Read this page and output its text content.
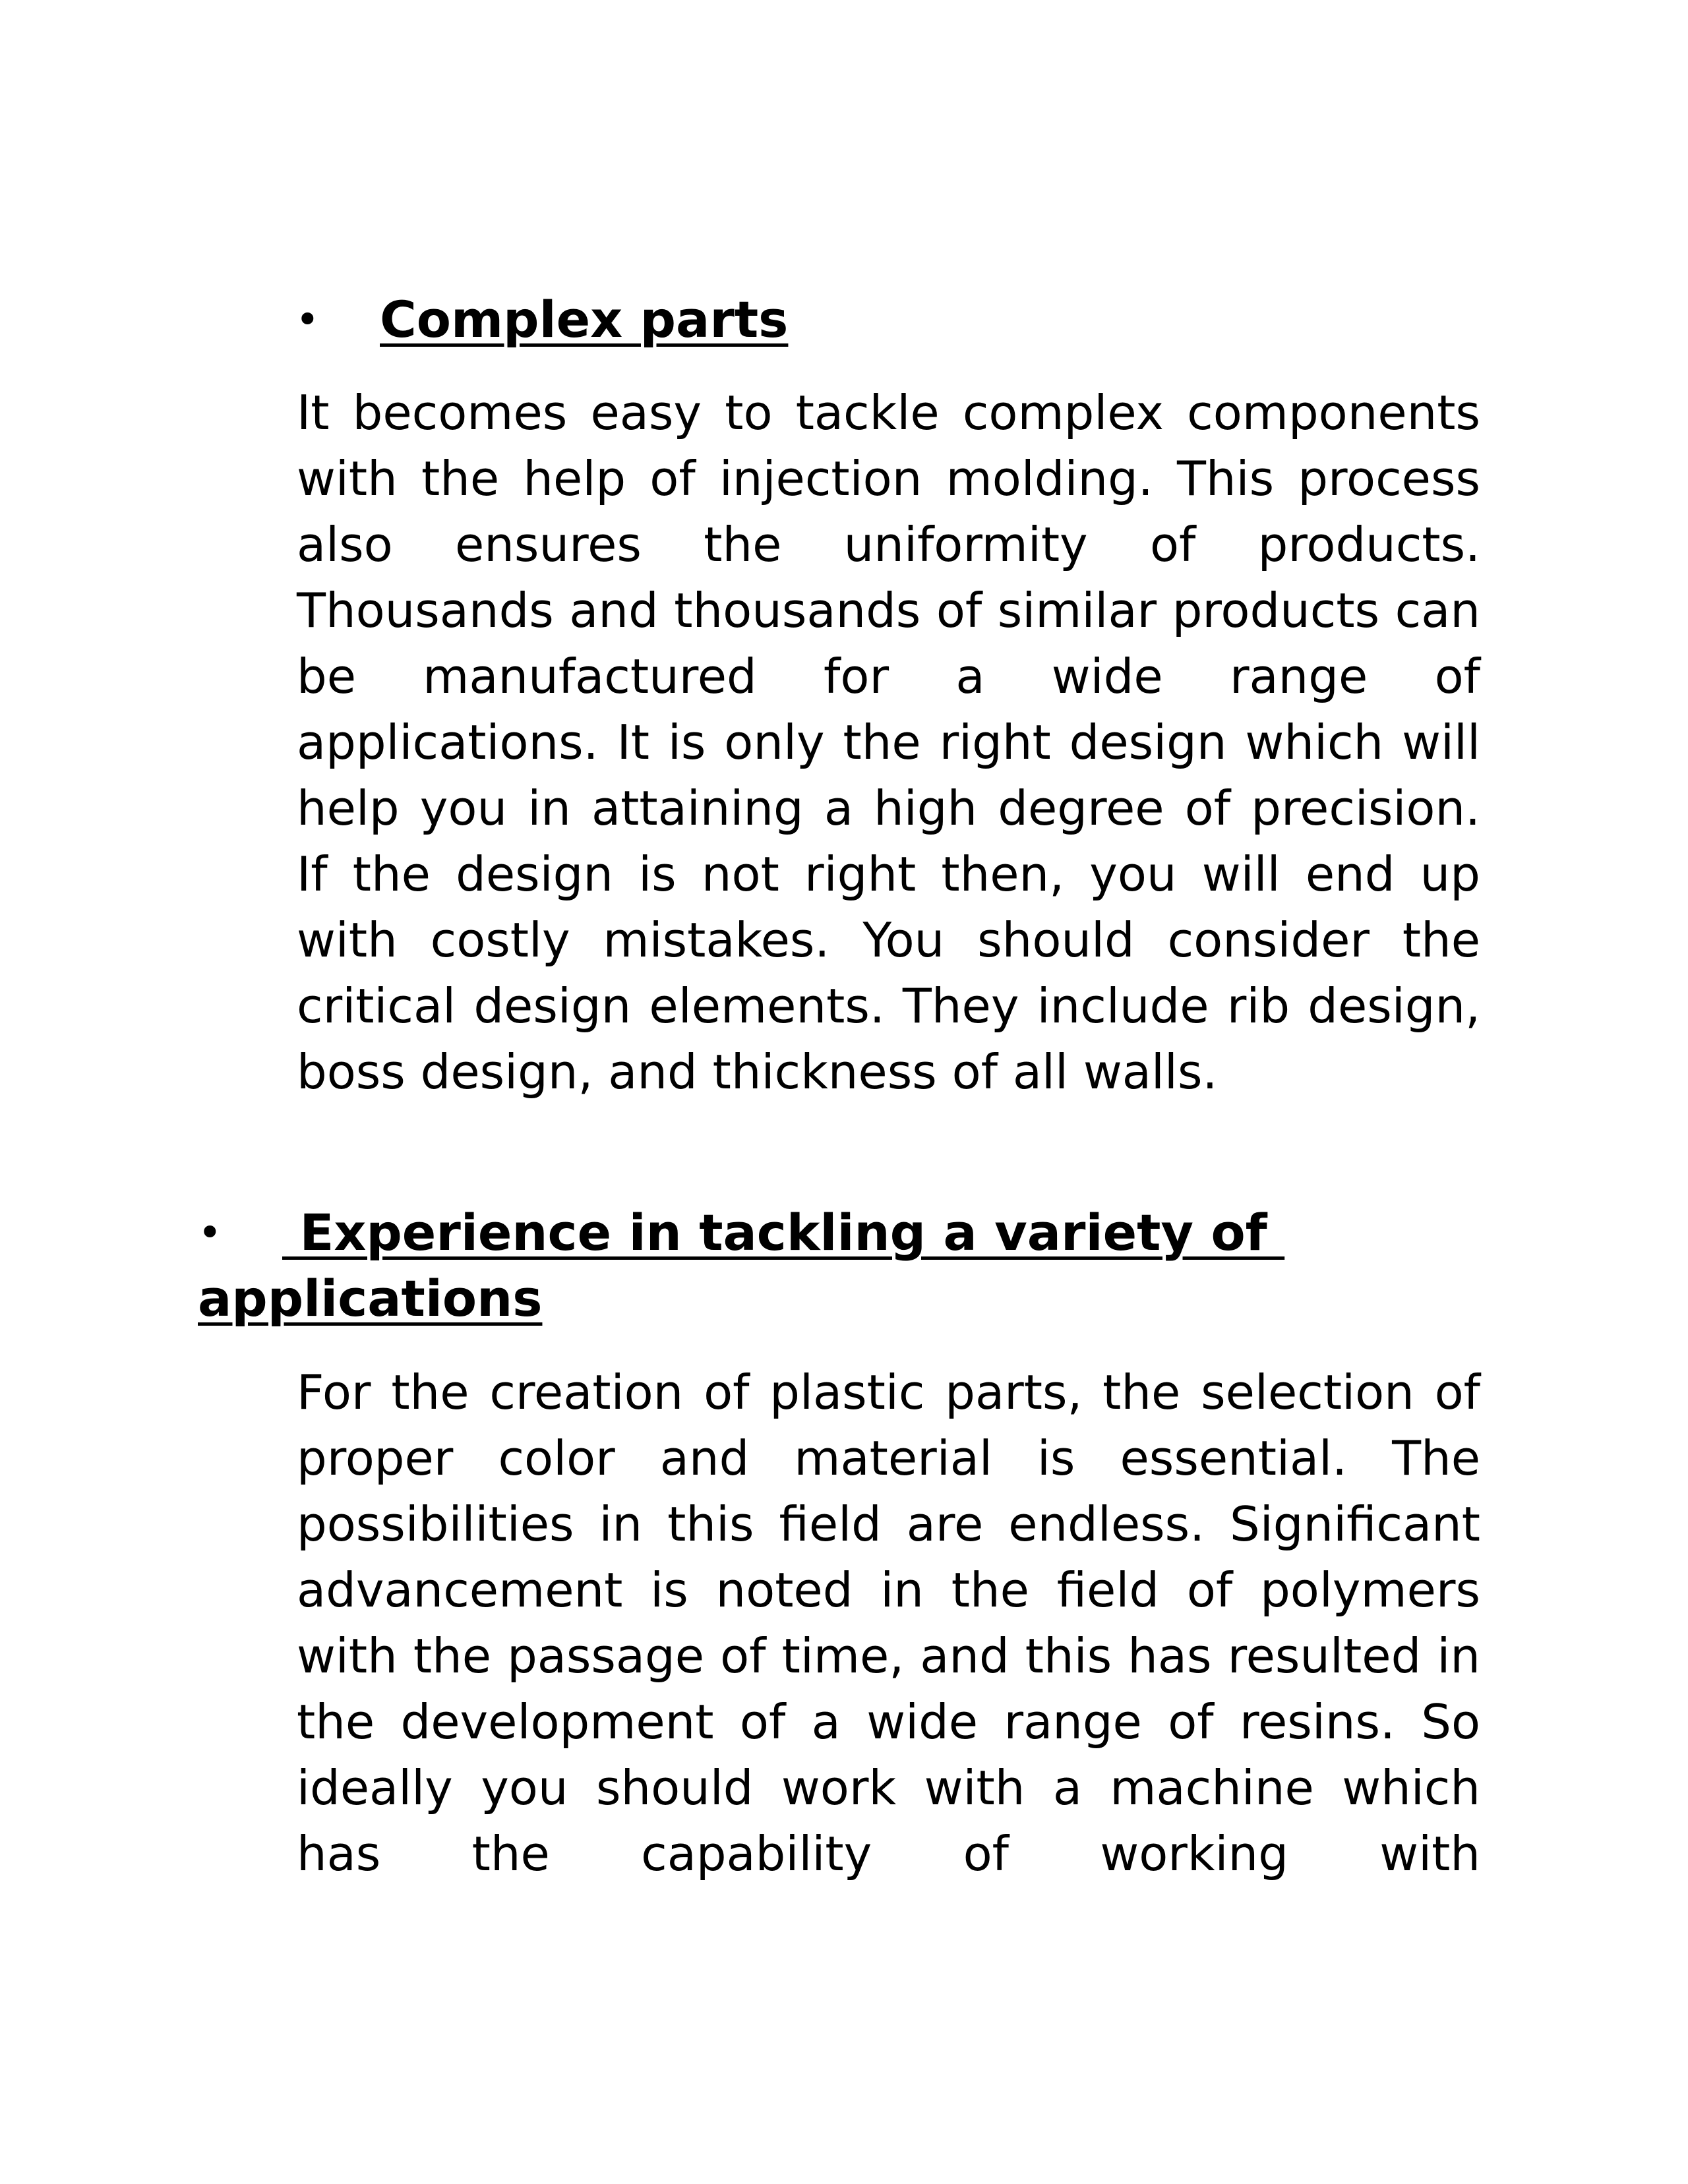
• Complex parts

It becomes easy to tackle complex components with the help of injection molding. This process also ensures the uniformity of products. Thousands and thousands of similar products can be manufactured for a wide range of applications. It is only the right design which will help you in attaining a high degree of precision. If the design is not right then, you will end up with costly mistakes. You should consider the critical design elements. They include rib design, boss design, and thickness of all walls.

• Experience in tackling a variety of
applications

For the creation of plastic parts, the selection of proper color and material is essential. The possibilities in this field are endless. Significant advancement is noted in the field of polymers with the passage of time, and this has resulted in the development of a wide range of resins. So ideally you should work with a machine which has the capability of working with
